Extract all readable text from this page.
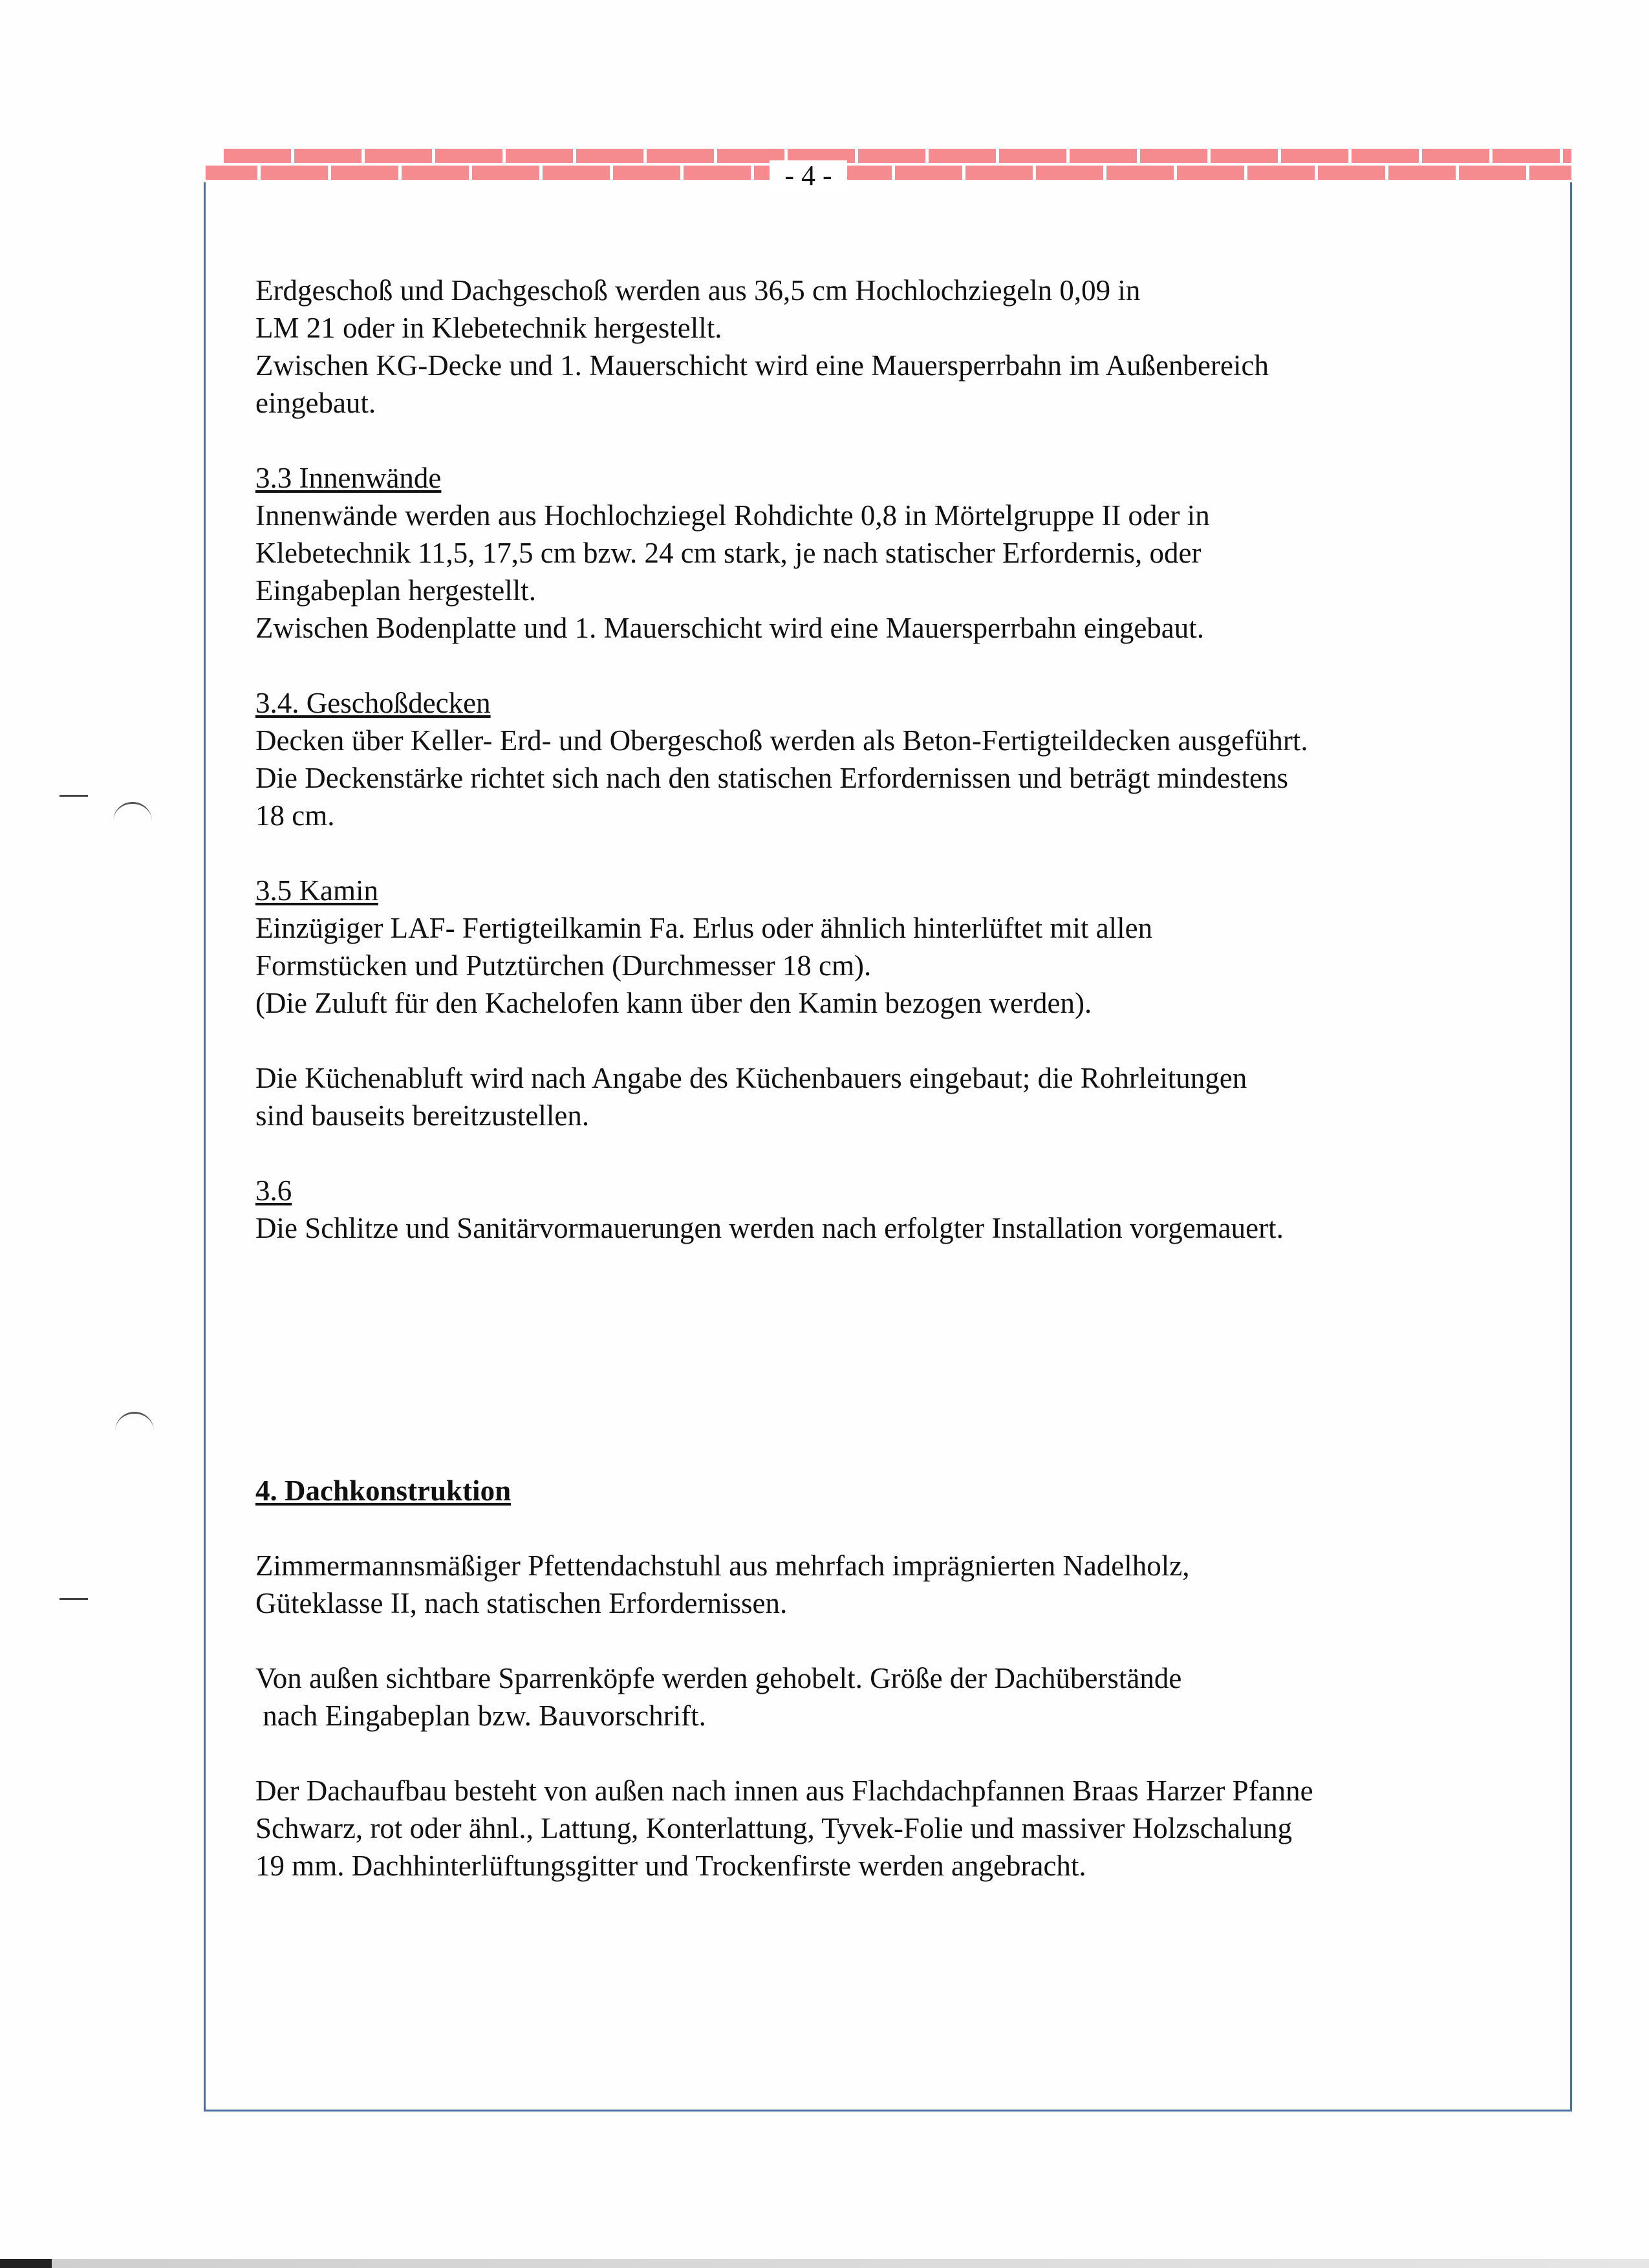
- 4 -
Erdgeschoß und Dachgeschoß werden aus 36,5 cm Hochlochziegeln 0,09 in
LM 21 oder in Klebetechnik hergestellt.
Zwischen KG-Decke und 1. Mauerschicht wird eine Mauersperrbahn im Außenbereich
eingebaut.
3.3 Innenwände
Innenwände werden aus Hochlochziegel Rohdichte 0,8 in Mörtelgruppe II oder in
Klebetechnik 11,5, 17,5 cm bzw. 24 cm stark, je nach statischer Erfordernis, oder
Eingabeplan hergestellt.
Zwischen Bodenplatte und 1. Mauerschicht wird eine Mauersperrbahn eingebaut.
3.4. Geschoßdecken
Decken über Keller- Erd- und Obergeschoß werden als Beton-Fertigteildecken ausgeführt.
Die Deckenstärke richtet sich nach den statischen Erfordernissen und beträgt mindestens
18 cm.
3.5 Kamin
Einzügiger LAF- Fertigteilkamin Fa. Erlus oder ähnlich hinterlüftet mit allen
Formstücken und Putztürchen (Durchmesser 18 cm).
(Die Zuluft für den Kachelofen kann über den Kamin bezogen werden).
Die Küchenabluft wird nach Angabe des Küchenbauers eingebaut; die Rohrleitungen
sind bauseits bereitzustellen.
3.6
Die Schlitze und Sanitärvormauerungen werden nach erfolgter Installation vorgemauert.
4. Dachkonstruktion
Zimmermannsmäßiger Pfettendachstuhl aus mehrfach imprägnierten Nadelholz,
Güteklasse II, nach statischen Erfordernissen.
Von außen sichtbare Sparrenköpfe werden gehobelt. Größe der Dachüberstände
nach Eingabeplan bzw. Bauvorschrift.
Der Dachaufbau besteht von außen nach innen aus Flachdachpfannen Braas Harzer Pfanne
Schwarz, rot oder ähnl., Lattung, Konterlattung, Tyvek-Folie und massiver Holzschalung
19 mm. Dachhinterlüftungsgitter und Trockenfirste werden angebracht.
